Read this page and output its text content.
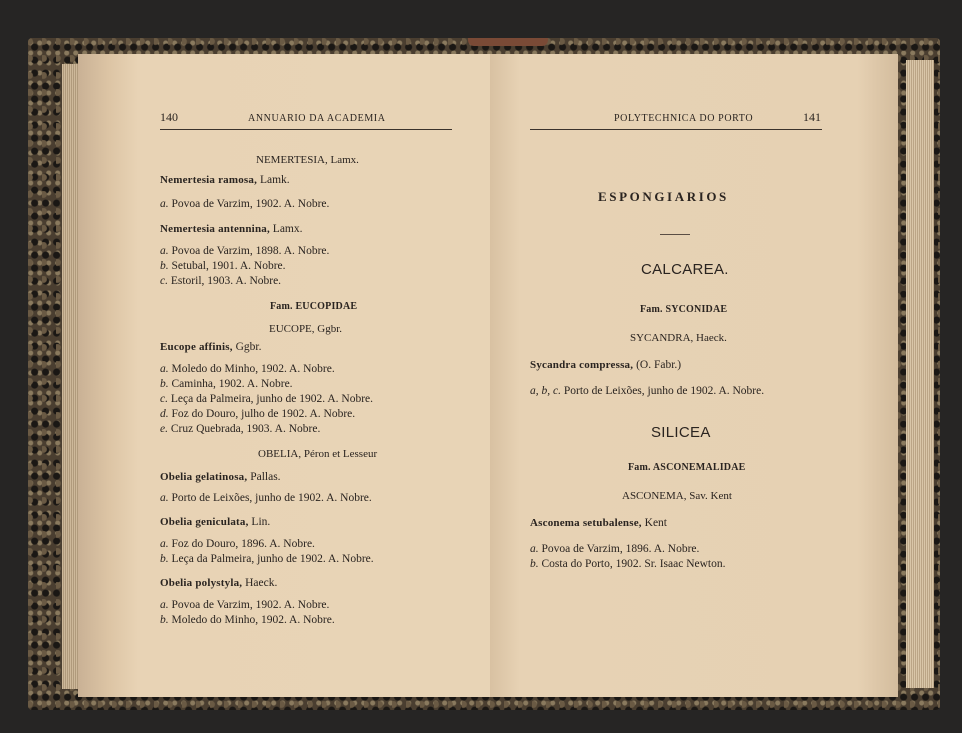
140	ANNUARIO DA ACADEMIA
NEMERTESIA, Lamx.
Nemertesia ramosa, Lamk.
a. Povoa de Varzim, 1902. A. Nobre.
Nemertesia antennina, Lamx.
a. Povoa de Varzim, 1898. A. Nobre.
b. Setubal, 1901. A. Nobre.
c. Estoril, 1903. A. Nobre.
Fam. EUCOPIDAE
EUCOPE, Ggbr.
Eucope affinis, Ggbr.
a. Moledo do Minho, 1902. A. Nobre.
b. Caminha, 1902. A. Nobre.
c. Leça da Palmeira, junho de 1902. A. Nobre.
d. Foz do Douro, julho de 1902. A. Nobre.
e. Cruz Quebrada, 1903. A. Nobre.
OBELIA, Péron et Lesseur
Obelia gelatinosa, Pallas.
a. Porto de Leixões, junho de 1902. A. Nobre.
Obelia geniculata, Lin.
a. Foz do Douro, 1896. A. Nobre.
b. Leça da Palmeira, junho de 1902. A. Nobre.
Obelia polystyla, Haeck.
a. Povoa de Varzim, 1902. A. Nobre.
b. Moledo do Minho, 1902. A. Nobre.
POLYTECHNICA DO PORTO	141
ESPONGIARIOS
CALCAREA.
Fam. SYCONIDAE
SYCANDRA, Haeck.
Sycandra compressa, (O. Fabr.)
a, b, c. Porto de Leixões, junho de 1902. A. Nobre.
SILICEA
Fam. ASCONEMALIDAE
ASCONEMA, Sav. Kent
Asconema setubalense, Kent
a. Povoa de Varzim, 1896. A. Nobre.
b. Costa do Porto, 1902. Sr. Isaac Newton.
